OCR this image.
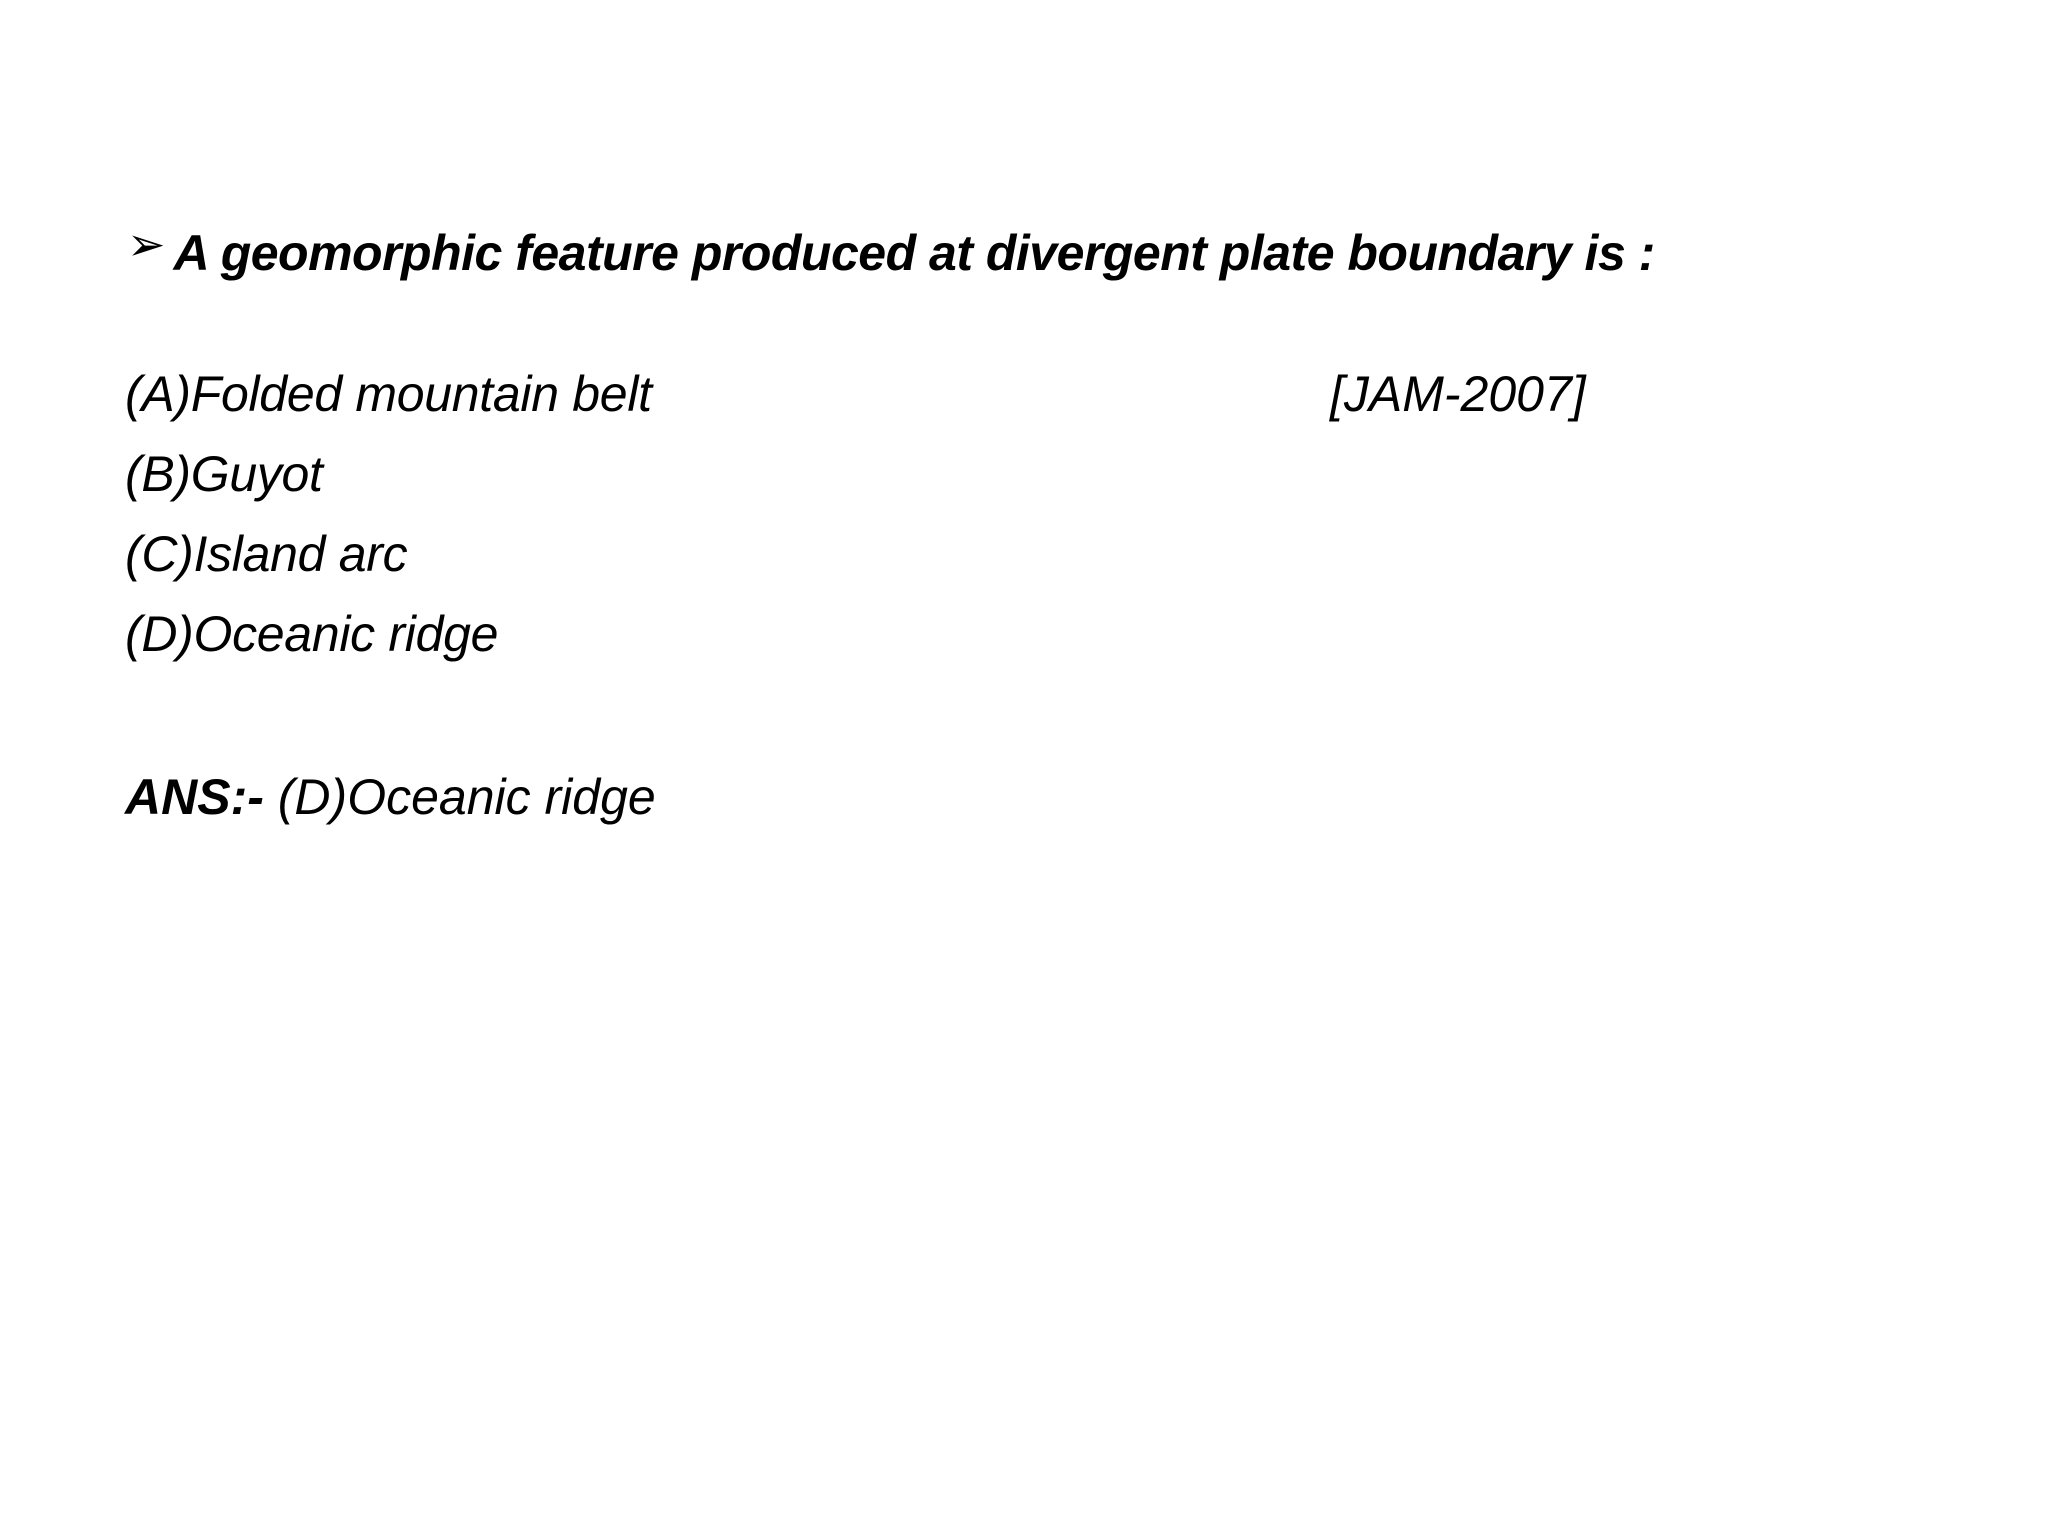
➢ A geomorphic feature produced at divergent plate boundary is :
(A)Folded mountain belt	[JAM-2007]
(B)Guyot
(C)Island arc
(D)Oceanic ridge
ANS:- (D)Oceanic ridge
